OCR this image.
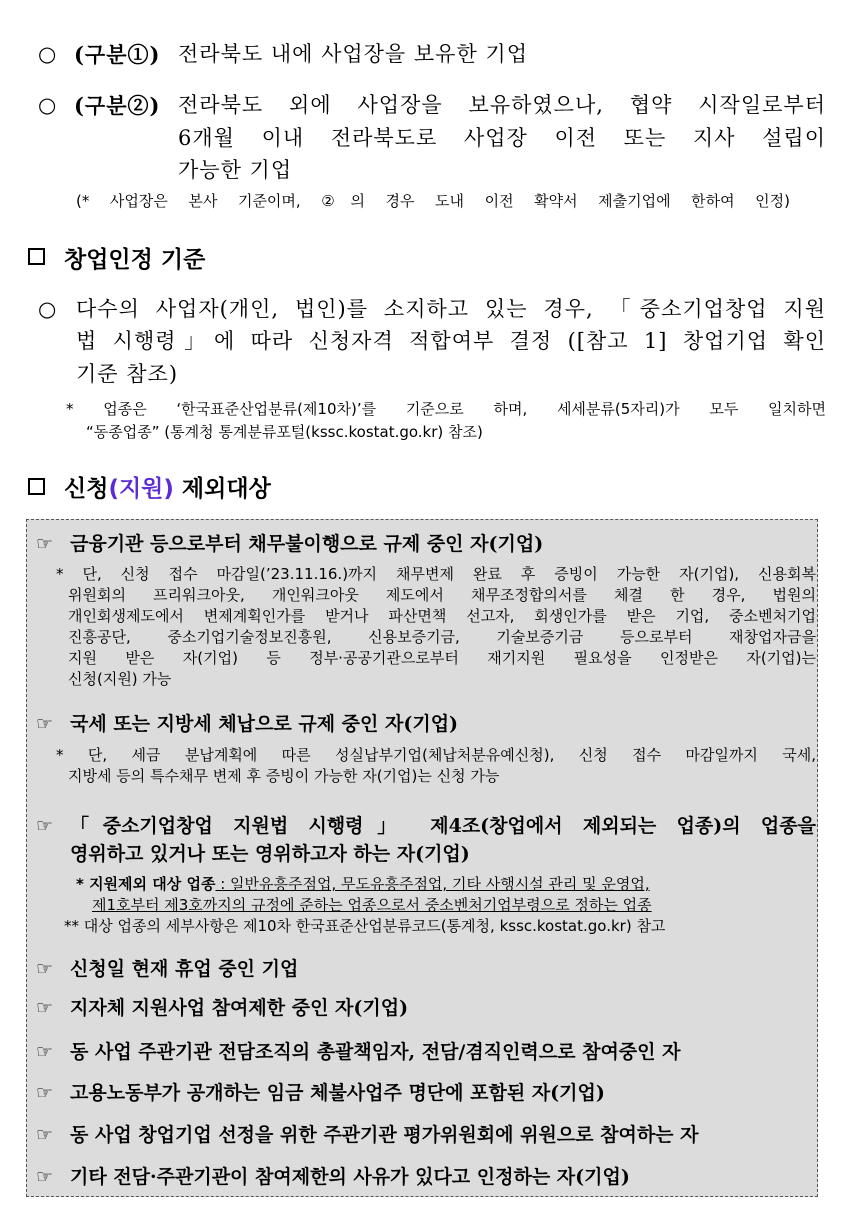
○ (구분①) 전라북도 내에 사업장을 보유한 기업
○ (구분②) 전라북도 외에 사업장을 보유하였으나, 협약 시작일로부터
6개월 이내 전라북도로 사업장 이전 또는 지사 설립이
가능한 기업
(* 사업장은 본사 기준이며, ②의 경우 도내 이전 확약서 제출기업에 한하여 인정)
창업인정 기준
○ 다수의 사업자(개인, 법인)를 소지하고 있는 경우, 「중소기업창업 지원
법 시행령」에 따라 신청자격 적합여부 결정 ([참고 1] 창업기업 확인
기준 참조)
* 업종은 ‘한국표준산업분류(제10차)’를 기준으로 하며, 세세분류(5자리)가 모두 일치하면
“동종업종” (통계청 통계분류포털(kssc.kostat.go.kr) 참조)
신청(지원) 제외대상
☞ 금융기관 등으로부터 채무불이행으로 규제 중인 자(기업)
* 단, 신청 접수 마감일(’23.11.16.)까지 채무변제 완료 후 증빙이 가능한 자(기업), 신용회복
위원회의 프리워크아웃, 개인워크아웃 제도에서 채무조정합의서를 체결 한 경우, 법원의
개인회생제도에서 변제계획인가를 받거나 파산면책 선고자, 회생인가를 받은 기업, 중소벤처기업
진흥공단, 중소기업기술정보진흥원, 신용보증기금, 기술보증기금 등으로부터 재창업자금을
지원 받은 자(기업) 등 정부·공공기관으로부터 재기지원 필요성을 인정받은 자(기업)는
신청(지원) 가능
☞ 국세 또는 지방세 체납으로 규제 중인 자(기업)
* 단, 세금 분납계획에 따른 성실납부기업(체납처분유예신청), 신청 접수 마감일까지 국세,
지방세 등의 특수채무 변제 후 증빙이 가능한 자(기업)는 신청 가능
☞ 「중소기업창업 지원법 시행령」 제4조(창업에서 제외되는 업종)의 업종을
영위하고 있거나 또는 영위하고자 하는 자(기업)
* 지원제외 대상 업종 : 일반유흥주점업, 무도유흥주점업, 기타 사행시설 관리 및 운영업,
제1호부터 제3호까지의 규정에 준하는 업종으로서 중소벤처기업부령으로 정하는 업종
** 대상 업종의 세부사항은 제10차 한국표준산업분류코드(통계청, kssc.kostat.go.kr) 참고
☞ 신청일 현재 휴업 중인 기업
☞ 지자체 지원사업 참여제한 중인 자(기업)
☞ 동 사업 주관기관 전담조직의 총괄책임자, 전담/겸직인력으로 참여중인 자
☞ 고용노동부가 공개하는 임금 체불사업주 명단에 포함된 자(기업)
☞ 동 사업 창업기업 선정을 위한 주관기관 평가위원회에 위원으로 참여하는 자
☞ 기타 전담·주관기관이 참여제한의 사유가 있다고 인정하는 자(기업)
